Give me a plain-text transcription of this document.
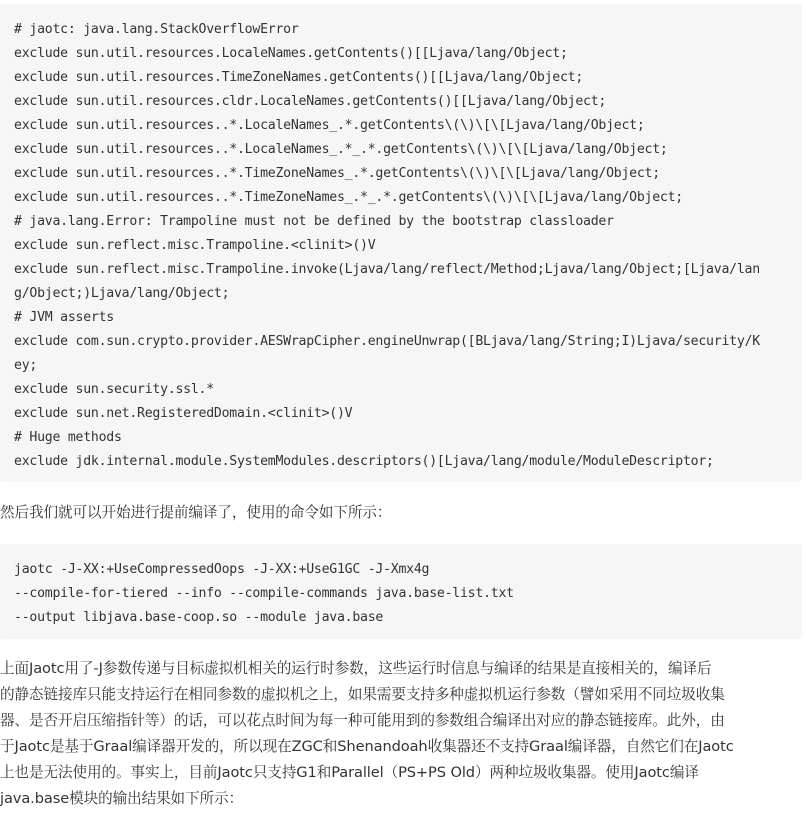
# jaotc: java.lang.StackOverflowError
exclude sun.util.resources.LocaleNames.getContents()[[Ljava/lang/Object;
exclude sun.util.resources.TimeZoneNames.getContents()[[Ljava/lang/Object;
exclude sun.util.resources.cldr.LocaleNames.getContents()[[Ljava/lang/Object;
exclude sun.util.resources..*.LocaleNames_.*.getContents\(\)\[\[Ljava/lang/Object;
exclude sun.util.resources..*.LocaleNames_.*_.*.getContents\(\)\[\[Ljava/lang/Object;
exclude sun.util.resources..*.TimeZoneNames_.*.getContents\(\)\[\[Ljava/lang/Object;
exclude sun.util.resources..*.TimeZoneNames_.*_.*.getContents\(\)\[\[Ljava/lang/Object;
# java.lang.Error: Trampoline must not be defined by the bootstrap classloader
exclude sun.reflect.misc.Trampoline.<clinit>()V
exclude sun.reflect.misc.Trampoline.invoke(Ljava/lang/reflect/Method;Ljava/lang/Object;[Ljava/lan
g/Object;)Ljava/lang/Object;
# JVM asserts
exclude com.sun.crypto.provider.AESWrapCipher.engineUnwrap([BLjava/lang/String;I)Ljava/security/K
ey;
exclude sun.security.ssl.*
exclude sun.net.RegisteredDomain.<clinit>()V
# Huge methods
exclude jdk.internal.module.SystemModules.descriptors()[Ljava/lang/module/ModuleDescriptor;
然后我们就可以开始进行提前编译了，使用的命令如下所示：
jaotc -J-XX:+UseCompressedOops -J-XX:+UseG1GC -J-Xmx4g
--compile-for-tiered --info --compile-commands java.base-list.txt
--output libjava.base-coop.so --module java.base
上面Jaotc用了-J参数传递与目标虚拟机相关的运行时参数，这些运行时信息与编译的结果是直接相关的，编译后
的静态链接库只能支持运行在相同参数的虚拟机之上，如果需要支持多种虚拟机运行参数（譬如采用不同垃圾收集
器、是否开启压缩指针等）的话，可以花点时间为每一种可能用到的参数组合编译出对应的静态链接库。此外，由
于Jaotc是基于Graal编译器开发的，所以现在ZGC和Shenandoah收集器还不支持Graal编译器，自然它们在Jaotc
上也是无法使用的。事实上，目前Jaotc只支持G1和Parallel（PS+PS Old）两种垃圾收集器。使用Jaotc编译
java.base模块的输出结果如下所示：
